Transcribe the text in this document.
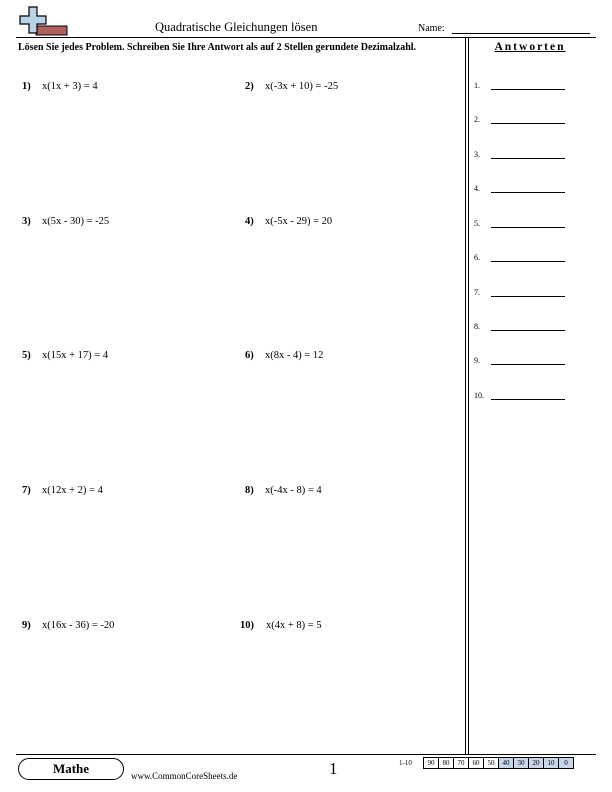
Quadratische Gleichungen lösen	Name:
Lösen Sie jedes Problem. Schreiben Sie Ihre Antwort als auf 2 Stellen gerundete Dezimalzahl.
1) x(1x + 3) = 4	2) x(-3x + 10) = -25
3) x(5x - 30) = -25	4) x(-5x - 29) = 20
5) x(15x + 17) = 4	6) x(8x - 4) = 12
7) x(12x + 2) = 4	8) x(-4x - 8) = 4
9) x(16x - 36) = -20	10) x(4x + 8) = 5
Antworten
1.
2.
3.
4.
5.
6.
7.
8.
9.
10.
Mathe	www.CommonCoreSheets.de	1	1-10	90	80	70	60	50	40	30	20	10	0
